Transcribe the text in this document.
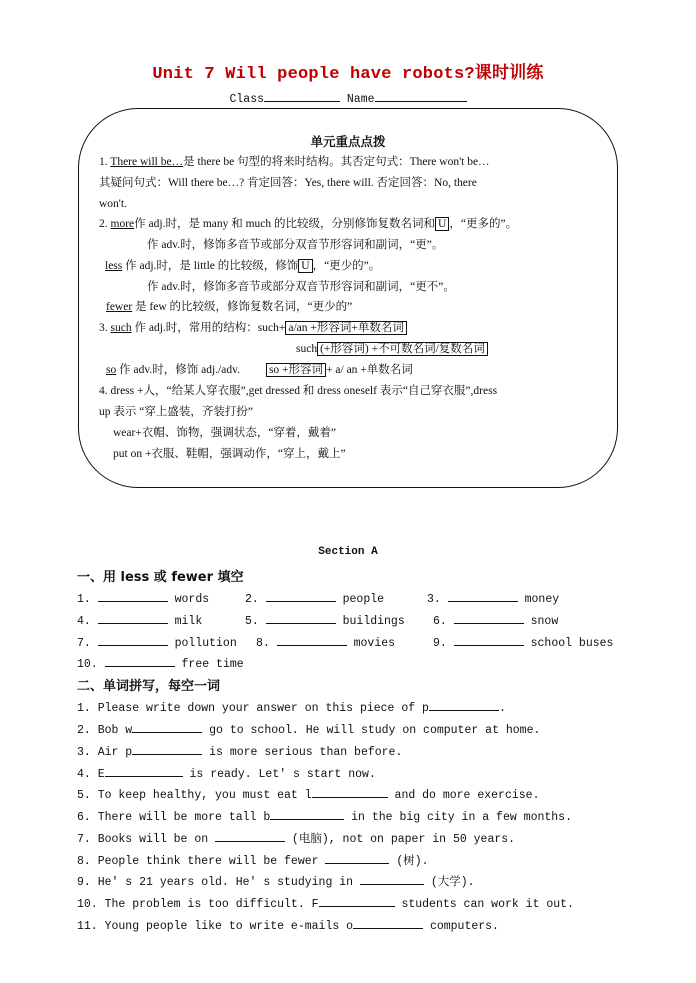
Unit 7 Will people have robots?课时训练
Class	Name
单元重点点拨
1. There will be…是 there be 句型的将来时结构。其否定句式：There won't be…
其疑问句式：Will there be…? 肯定回答：Yes, there will. 否定回答：No, there
won't.
2. more作 adj.时，是 many 和 much 的比较级，分别修饰复数名词和 U ，“更多的”。
作 adv.时，修饰多音节或部分双音节形容词和副词，“更”。
less 作 adj.时，是 little 的比较级，修饰 U ，“更少的”。
作 adv.时，修饰多音节或部分双音节形容词和副词，“更不”。
fewer 是 few 的比较级，修饰复数名词，“更少的”
3. such 作 adj.时，常用的结构：such+ a/an +形容词+单数名词
such (+形容词) +不可数名词/复数名词
so 作 adv.时，修饰 adj./adv.	so +形容词 + a/ an +单数名词
4. dress +人，“给某人穿衣服”,get dressed 和 dress oneself 表示“自己穿衣服”,dress
up 表示 “穿上盛装，齐装打扮”
wear+衣帽、饰物，强调状态，“穿着，戴着”
put on +衣服、鞋帽，强调动作，“穿上，戴上”
Section A
一、用 less 或 fewer 填空
1.	words	2.	people	3.	money
4.	milk	5.	buildings 6.	snow
7.	pollution 8.	movies	9.	school buses
10.	free time
二、单词拼写，每空一词
1. Please write down your answer on this piece of p	.
2. Bob w	go to school. He will study on computer at home.
3. Air p	is more serious than before.
4. E	is ready. Let' s start now.
5. To keep healthy, you must eat l	and do more exercise.
6. There will be more tall b	in the big city in a few months.
7. Books will be on	(电脑), not on paper in 50 years.
8. People think there will be fewer	(树).
9. He' s 21 years old. He' s studying in	(大学).
10. The problem is too difficult. F	students can work it out.
11. Young people like to write e-mails o	computers.
